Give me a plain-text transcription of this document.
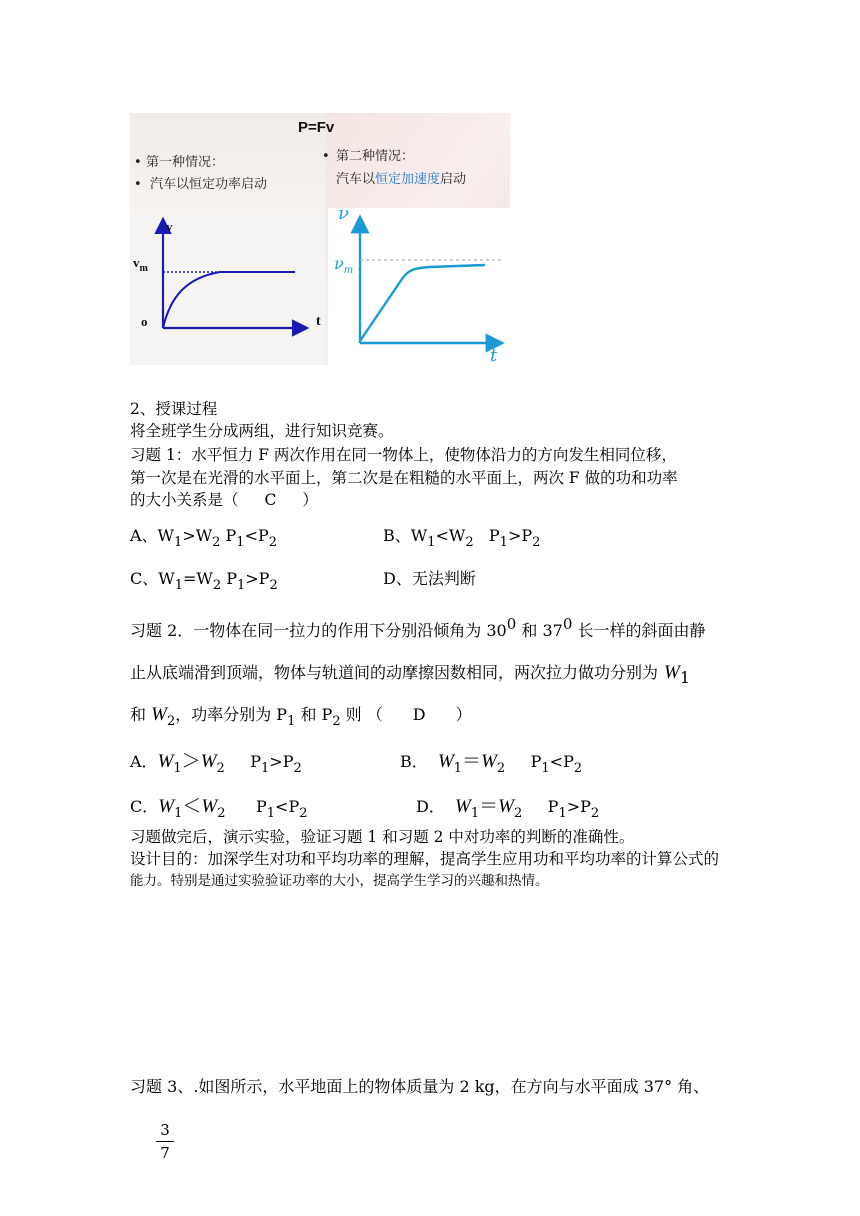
P=Fv
• 第一种情况：
• 汽车以恒定功率启动
• 第二种情况：
汽车以恒定加速度启动
v
$v_m$
o	t
ν
$\nu_m$
t
2、授课过程
将全班学生分成两组，进行知识竞赛。
习题 1：水平恒力 F 两次作用在同一物体上，使物体沿力的方向发生相同位移，
第一次是在光滑的水平面上，第二次是在粗糙的水平面上，两次 F 做的功和功率
的大小关系是（ C ）
A、$W_1>W_2$ $P_1<P_2$	B、$W_1<W_2$   $P_1>P_2$
C、$W_1=W_2$ $P_1>P_2$	D、无法判断
习题 2．一物体在同一拉力的作用下分别沿倾角为 $30^0$ 和 $37^0$ 长一样的斜面由静
止从底端滑到顶端，物体与轨道间的动摩擦因数相同，两次拉力做功分别为 $W_1$
和 $W_2$，功率分别为 $P_1$ 和 $P_2$ 则 （ D ）
A．$W_1>W_2$     $P_1>P_2$	B．  $W_1=W_2$     $P_1<P_2$
C．$W_1<W_2$      $P_1<P_2$	D．  $W_1=W_2$     $P_1>P_2$
习题做完后，演示实验，验证习题 1 和习题 2 中对功率的判断的准确性。
设计目的：加深学生对功和平均功率的理解，提高学生应用功和平均功率的计算公式的
能力。特别是通过实验验证功率的大小，提高学生学习的兴趣和热情。
习题 3、.如图所示，水平地面上的物体质量为 2 kg，在方向与水平面成 37° 角、
3
7
